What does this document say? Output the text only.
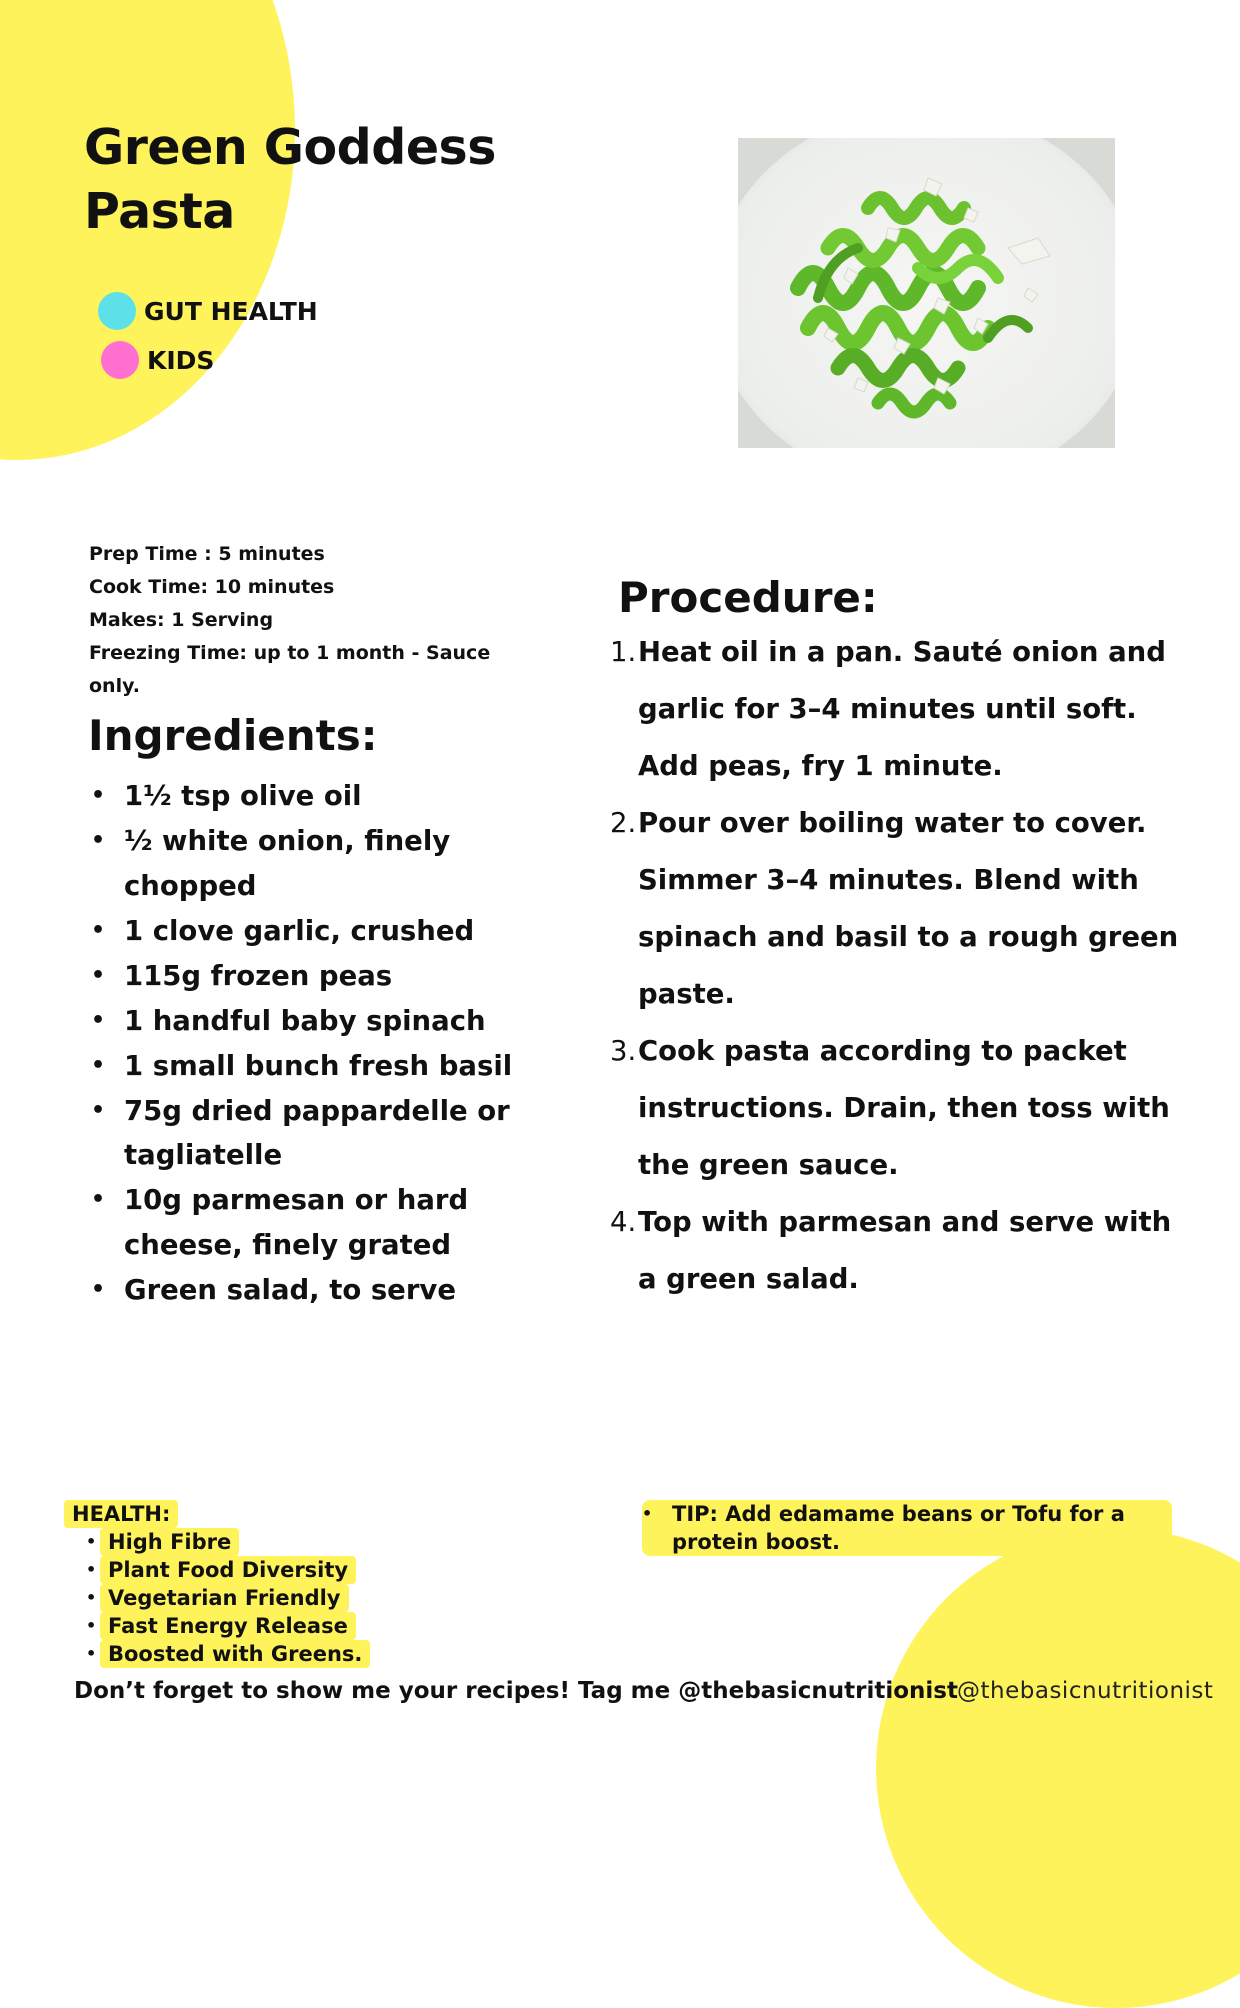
Green Goddess
Pasta
GUT HEALTH
KIDS
Prep Time : 5 minutes
Cook Time: 10 minutes
Makes: 1 Serving
Freezing Time: up to 1 month - Sauce only.
Ingredients:
• 1½ tsp olive oil
• ½ white onion, finely chopped
• 1 clove garlic, crushed
• 115g frozen peas
• 1 handful baby spinach
• 1 small bunch fresh basil
• 75g dried pappardelle or tagliatelle
• 10g parmesan or hard cheese, finely grated
• Green salad, to serve
Procedure:
1. Heat oil in a pan. Sauté onion and garlic for 3–4 minutes until soft. Add peas, fry 1 minute.
2. Pour over boiling water to cover. Simmer 3–4 minutes. Blend with spinach and basil to a rough green paste.
3. Cook pasta according to packet instructions. Drain, then toss with the green sauce.
4. Top with parmesan and serve with a green salad.
HEALTH:
• High Fibre
• Plant Food Diversity
• Vegetarian Friendly
• Fast Energy Release
• Boosted with Greens.
• TIP: Add edamame beans or Tofu for a protein boost.
Don’t forget to show me your recipes! Tag me @thebasicnutritionist @thebasicnutritionist
